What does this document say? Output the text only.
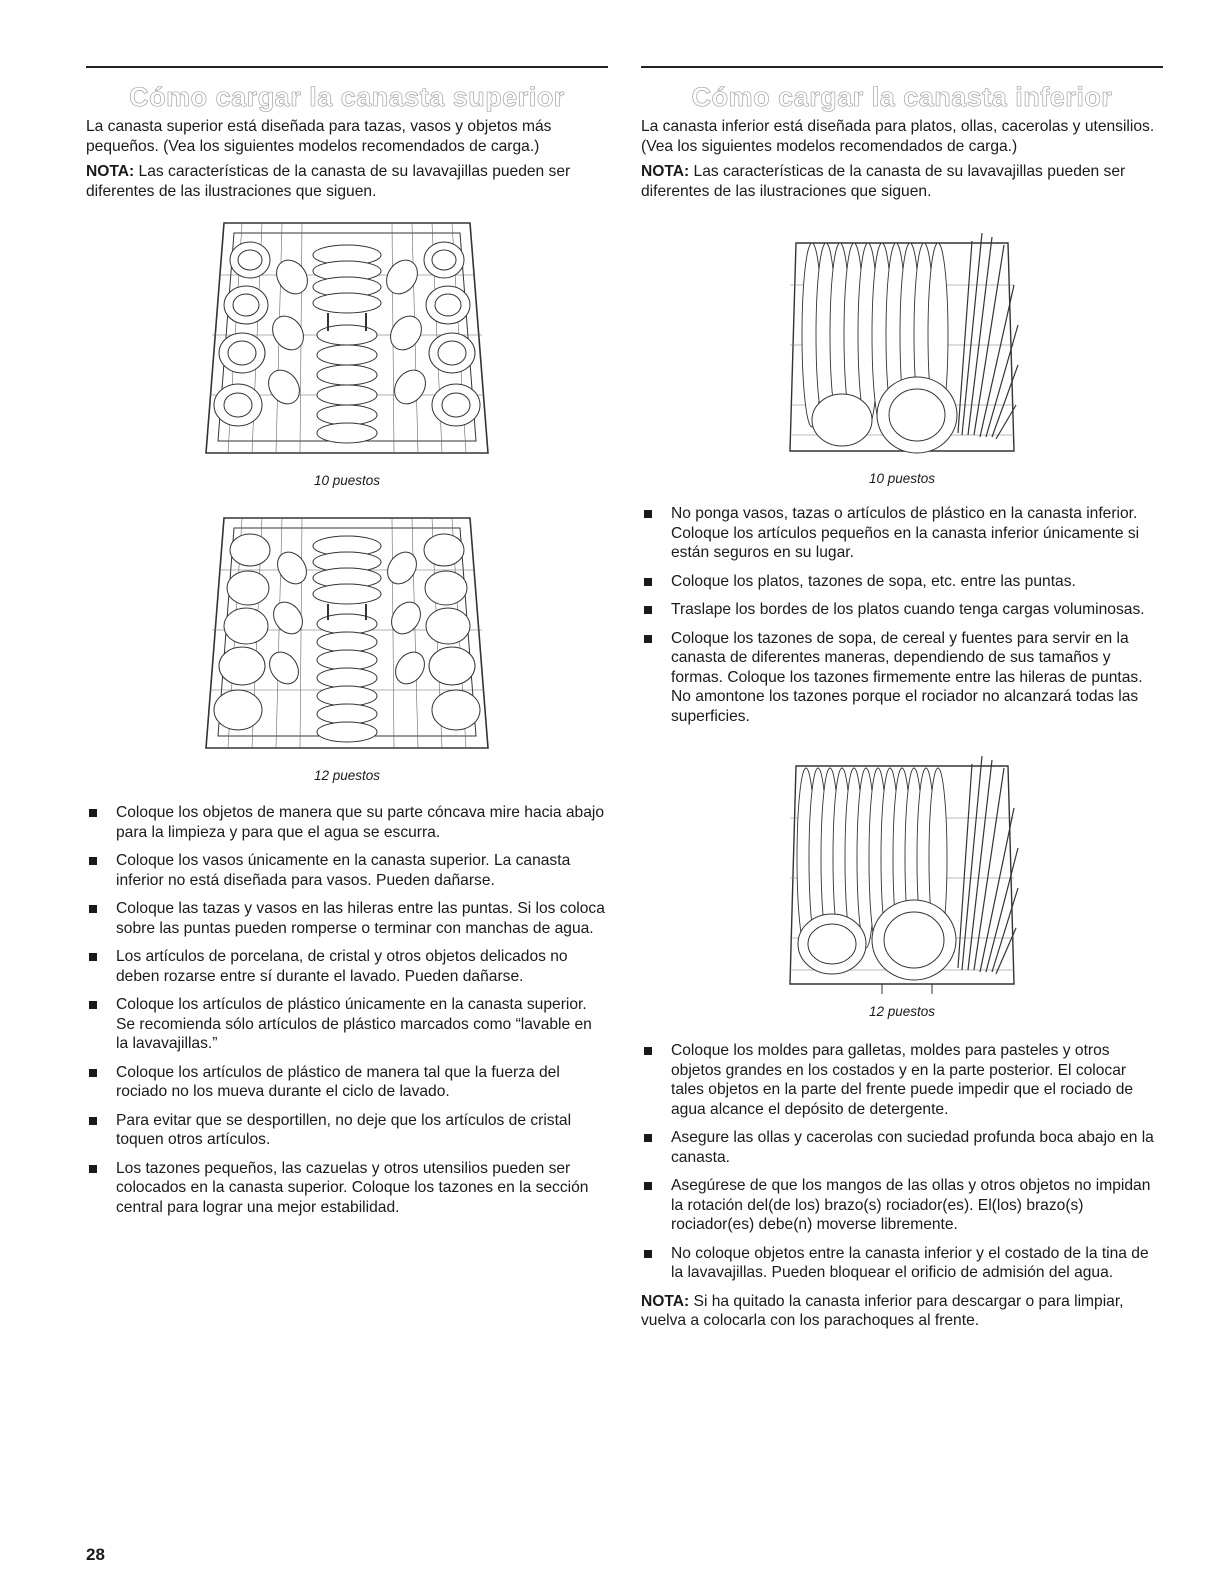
Cómo cargar la canasta superior

La canasta superior está diseñada para tazas, vasos y objetos más pequeños. (Vea los siguientes modelos recomendados de carga.)

NOTA: Las características de la canasta de su lavavajillas pueden ser diferentes de las ilustraciones que siguen.

10 puestos
12 puestos
Coloque los objetos de manera que su parte cóncava mire hacia abajo para la limpieza y para que el agua se escurra.
Coloque los vasos únicamente en la canasta superior. La canasta inferior no está diseñada para vasos. Pueden dañarse.
Coloque las tazas y vasos en las hileras entre las puntas. Si los coloca sobre las puntas pueden romperse o terminar con manchas de agua.
Los artículos de porcelana, de cristal y otros objetos delicados no deben rozarse entre sí durante el lavado. Pueden dañarse.
Coloque los artículos de plástico únicamente en la canasta superior. Se recomienda sólo artículos de plástico marcados como “lavable en la lavavajillas.”
Coloque los artículos de plástico de manera tal que la fuerza del rociado no los mueva durante el ciclo de lavado.
Para evitar que se desportillen, no deje que los artículos de cristal toquen otros artículos.
Los tazones pequeños, las cazuelas y otros utensilios pueden ser colocados en la canasta superior. Coloque los tazones en la sección central para lograr una mejor estabilidad.
Cómo cargar la canasta inferior

La canasta inferior está diseñada para platos, ollas, cacerolas y utensilios. (Vea los siguientes modelos recomendados de carga.)

NOTA: Las características de la canasta de su lavavajillas pueden ser diferentes de las ilustraciones que siguen.

10 puestos
No ponga vasos, tazas o artículos de plástico en la canasta inferior. Coloque los artículos pequeños en la canasta inferior únicamente si están seguros en su lugar.
Coloque los platos, tazones de sopa, etc. entre las puntas.
Traslape los bordes de los platos cuando tenga cargas voluminosas.
Coloque los tazones de sopa, de cereal y fuentes para servir en la canasta de diferentes maneras, dependiendo de sus tamaños y formas. Coloque los tazones firmemente entre las hileras de puntas. No amontone los tazones porque el rociador no alcanzará todas las superficies.
12 puestos
Coloque los moldes para galletas, moldes para pasteles y otros objetos grandes en los costados y en la parte posterior. El colocar tales objetos en la parte del frente puede impedir que el rociado de agua alcance el depósito de detergente.
Asegure las ollas y cacerolas con suciedad profunda boca abajo en la canasta.
Asegúrese de que los mangos de las ollas y otros objetos no impidan la rotación del(de los) brazo(s) rociador(es). El(los) brazo(s) rociador(es) debe(n) moverse libremente.
No coloque objetos entre la canasta inferior y el costado de la tina de la lavavajillas. Pueden bloquear el orificio de admisión del agua.

NOTA: Si ha quitado la canasta inferior para descargar o para limpiar, vuelva a colocarla con los parachoques al frente.

28
